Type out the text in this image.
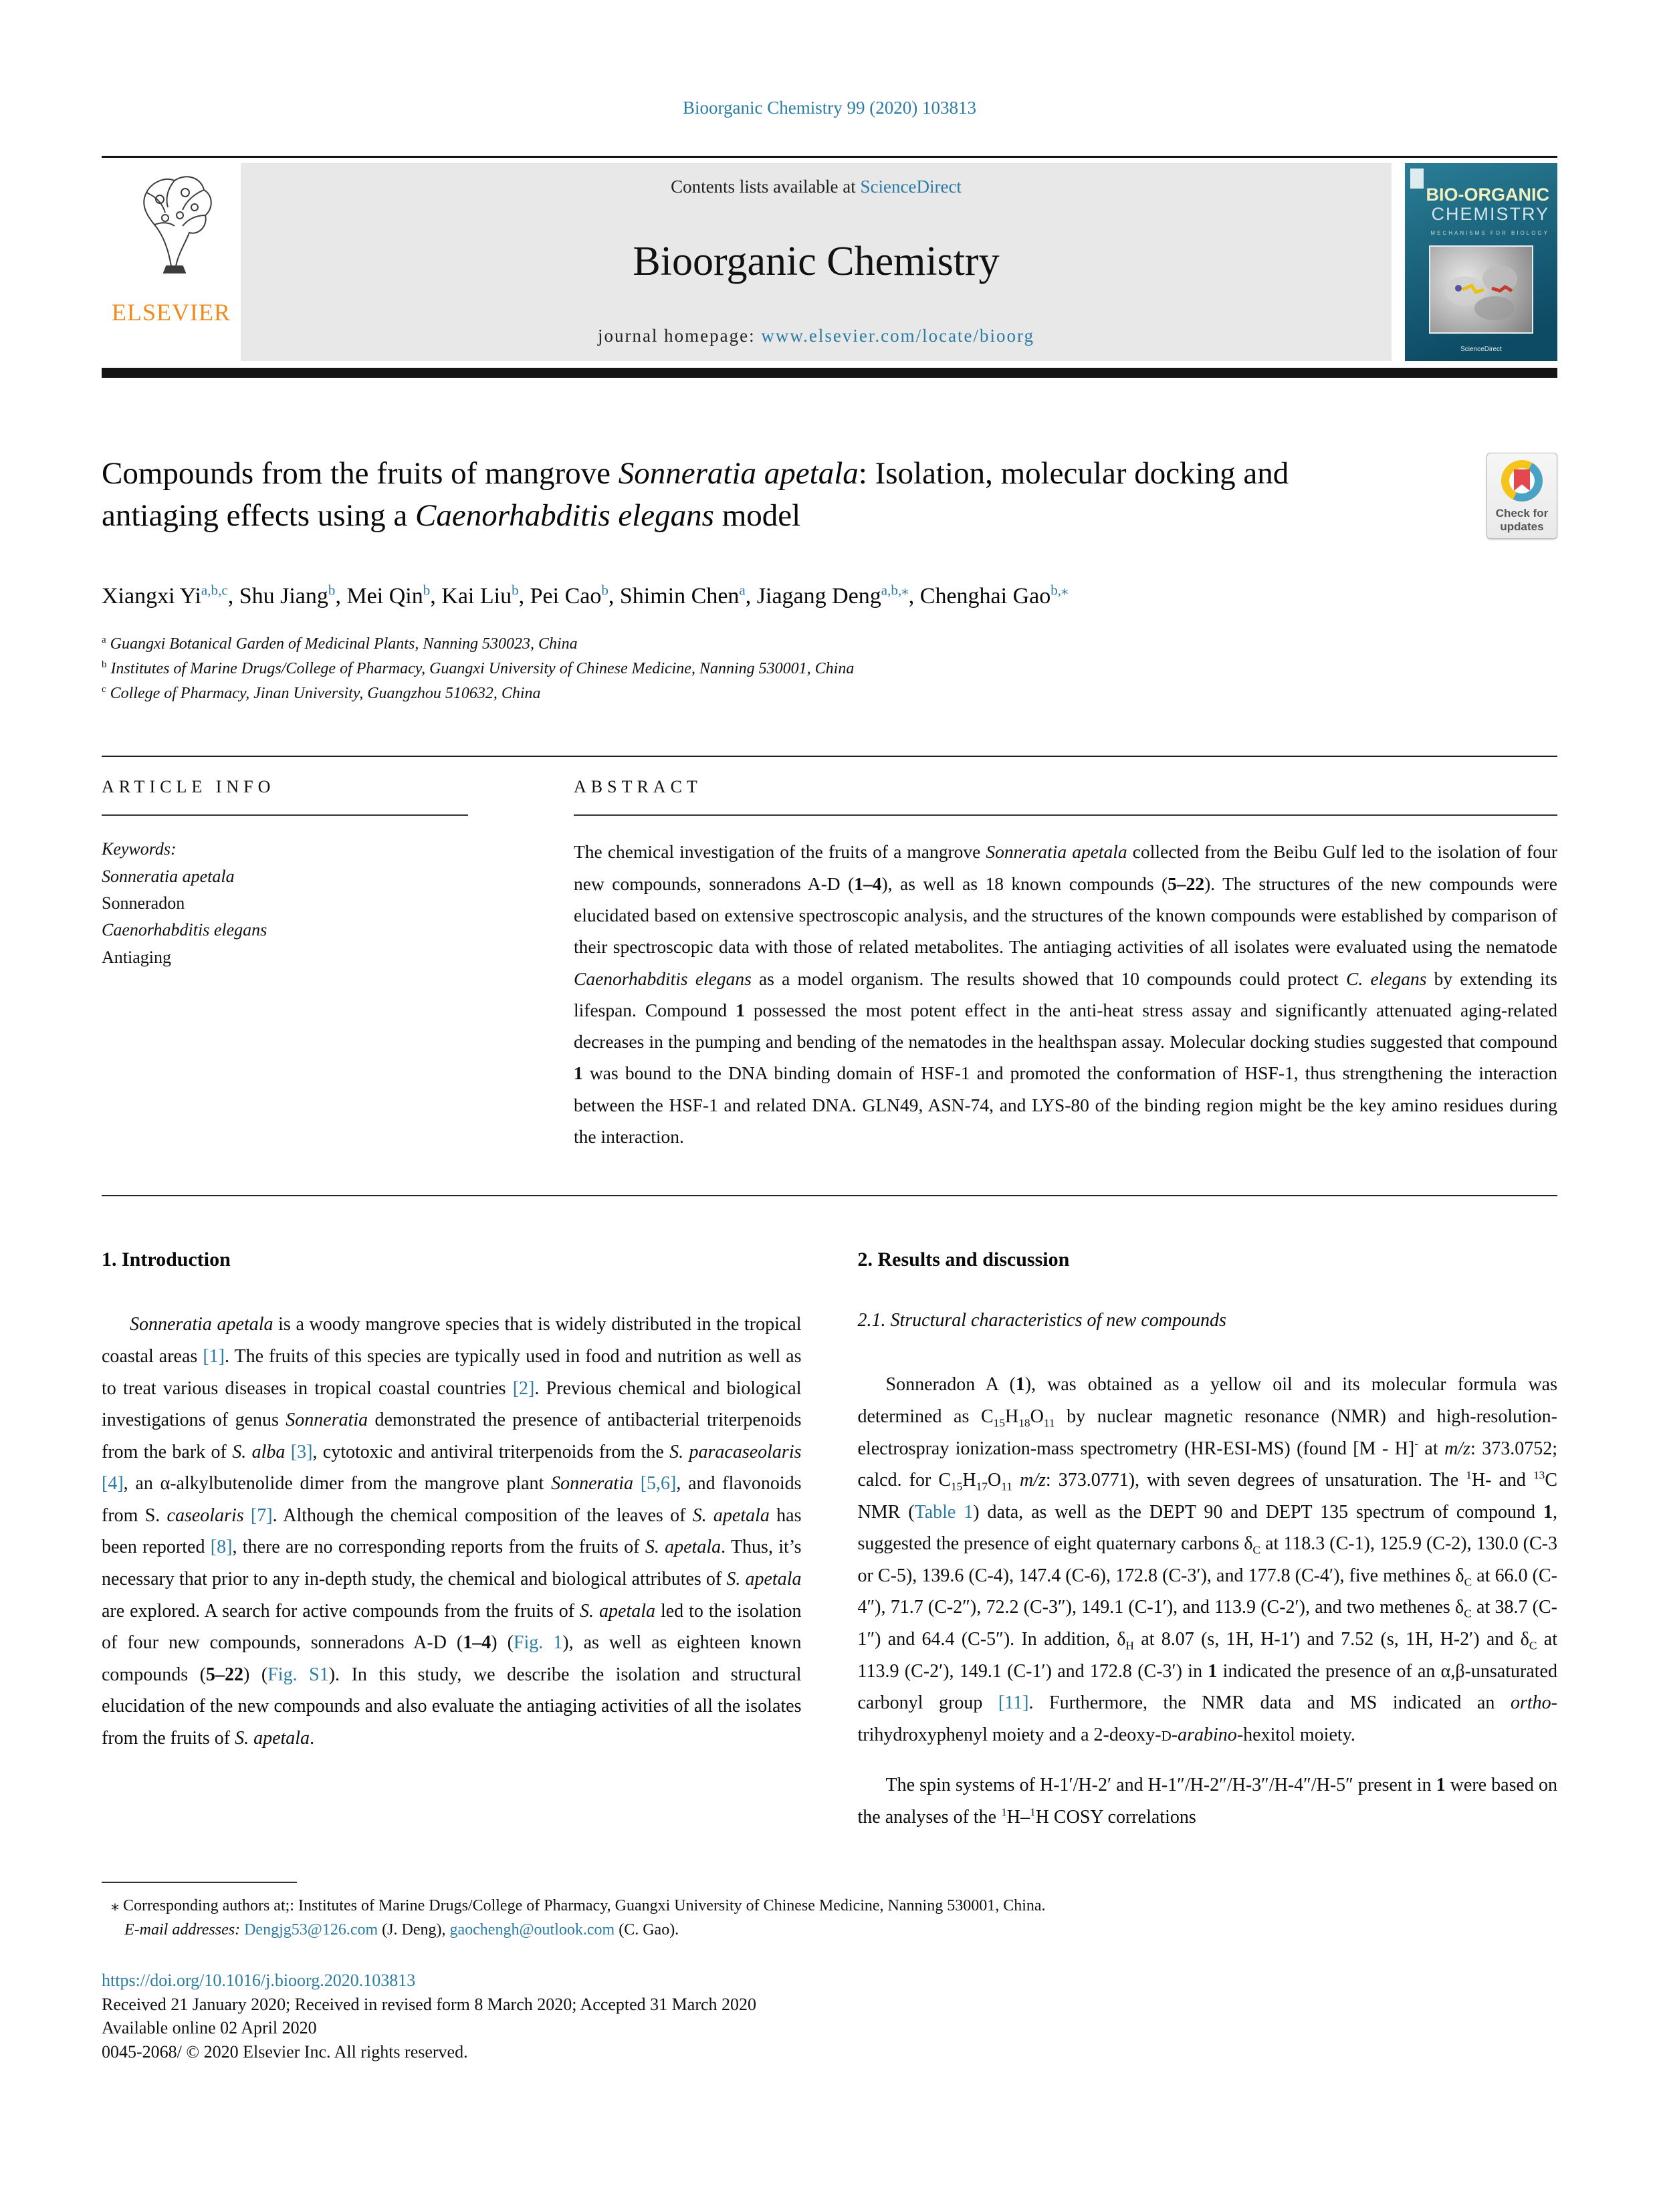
Bioorganic Chemistry 99 (2020) 103813
ELSEVIER
Contents lists available at ScienceDirect
Bioorganic Chemistry
journal homepage: www.elsevier.com/locate/bioorg
BIO-ORGANIC
CHEMISTRY
MECHANISMS FOR BIOLOGY
ScienceDirect
Compounds from the fruits of mangrove Sonneratia apetala: Isolation, molecular docking and antiaging effects using a Caenorhabditis elegans model	Check for
updates
Xiangxi Yi$^{a,b,c}$, Shu Jiang$^b$, Mei Qin$^b$, Kai Liu$^b$, Pei Cao$^b$, Shimin Chen$^a$, Jiagang Deng$^{a,b,⁎}$, Chenghai Gao$^{b,⁎}$
$^a$ Guangxi Botanical Garden of Medicinal Plants, Nanning 530023, China
$^b$ Institutes of Marine Drugs/College of Pharmacy, Guangxi University of Chinese Medicine, Nanning 530001, China
$^c$ College of Pharmacy, Jinan University, Guangzhou 510632, China
ARTICLE INFO
Keywords:
Sonneratia apetala
Sonneradon
Caenorhabditis elegans
Antiaging
ABSTRACT
The chemical investigation of the fruits of a mangrove Sonneratia apetala collected from the Beibu Gulf led to the isolation of four new compounds, sonneradons A-D (1–4), as well as 18 known compounds (5–22). The structures of the new compounds were elucidated based on extensive spectroscopic analysis, and the structures of the known compounds were established by comparison of their spectroscopic data with those of related metabolites. The antiaging activities of all isolates were evaluated using the nematode Caenorhabditis elegans as a model organism. The results showed that 10 compounds could protect C. elegans by extending its lifespan. Compound 1 possessed the most potent effect in the anti-heat stress assay and significantly attenuated aging-related decreases in the pumping and bending of the nematodes in the healthspan assay. Molecular docking studies suggested that compound 1 was bound to the DNA binding domain of HSF-1 and promoted the conformation of HSF-1, thus strengthening the interaction between the HSF-1 and related DNA. GLN49, ASN-74, and LYS-80 of the binding region might be the key amino residues during the interaction.
1. Introduction

Sonneratia apetala is a woody mangrove species that is widely distributed in the tropical coastal areas [1]. The fruits of this species are typically used in food and nutrition as well as to treat various diseases in tropical coastal countries [2]. Previous chemical and biological investigations of genus Sonneratia demonstrated the presence of antibacterial triterpenoids from the bark of S. alba [3], cytotoxic and antiviral triterpenoids from the S. paracaseolaris [4], an α-alkylbutenolide dimer from the mangrove plant Sonneratia [5,6], and flavonoids from S. caseolaris [7]. Although the chemical composition of the leaves of S. apetala has been reported [8], there are no corresponding reports from the fruits of S. apetala. Thus, it’s necessary that prior to any in-depth study, the chemical and biological attributes of S. apetala are explored. A search for active compounds from the fruits of S. apetala led to the isolation of four new compounds, sonneradons A-D (1–4) (Fig. 1), as well as eighteen known compounds (5–22) (Fig. S1). In this study, we describe the isolation and structural elucidation of the new compounds and also evaluate the antiaging activities of all the isolates from the fruits of S. apetala.

2. Results and discussion
2.1. Structural characteristics of new compounds

Sonneradon A (1), was obtained as a yellow oil and its molecular formula was determined as $C_{15}H_{18}O_{11}$ by nuclear magnetic resonance (NMR) and high-resolution-electrospray ionization-mass spectrometry (HR-ESI-MS) (found [M - H]- at m/z: 373.0752; calcd. for $C_{15}H_{17}O_{11}$ m/z: 373.0771), with seven degrees of unsaturation. The $^1$H- and $^{13}$C NMR (Table 1) data, as well as the DEPT 90 and DEPT 135 spectrum of compound 1, suggested the presence of eight quaternary carbons $\delta_C$ at 118.3 (C-1), 125.9 (C-2), 130.0 (C-3 or C-5), 139.6 (C-4), 147.4 (C-6), 172.8 (C-3′), and 177.8 (C-4′), five methines $\delta_C$ at 66.0 (C-4″), 71.7 (C-2″), 72.2 (C-3″), 149.1 (C-1′), and 113.9 (C-2′), and two methenes $\delta_C$ at 38.7 (C-1″) and 64.4 (C-5″). In addition, $\delta_H$ at 8.07 (s, 1H, H-1′) and 7.52 (s, 1H, H-2′) and $\delta_C$ at 113.9 (C-2′), 149.1 (C-1′) and 172.8 (C-3′) in 1 indicated the presence of an α,β-unsaturated carbonyl group [11]. Furthermore, the NMR data and MS indicated an ortho-trihydroxyphenyl moiety and a 2-deoxy-D-arabino-hexitol moiety.

The spin systems of H-1′/H-2′ and H-1″/H-2″/H-3″/H-4″/H-5″ present in 1 were based on the analyses of the $^1$H–$^1$H COSY correlations

⁎ Corresponding authors at;: Institutes of Marine Drugs/College of Pharmacy, Guangxi University of Chinese Medicine, Nanning 530001, China.
E-mail addresses: Dengjg53@126.com (J. Deng), gaochengh@outlook.com (C. Gao).
https://doi.org/10.1016/j.bioorg.2020.103813
Received 21 January 2020; Received in revised form 8 March 2020; Accepted 31 March 2020
Available online 02 April 2020
0045-2068/ © 2020 Elsevier Inc. All rights reserved.
